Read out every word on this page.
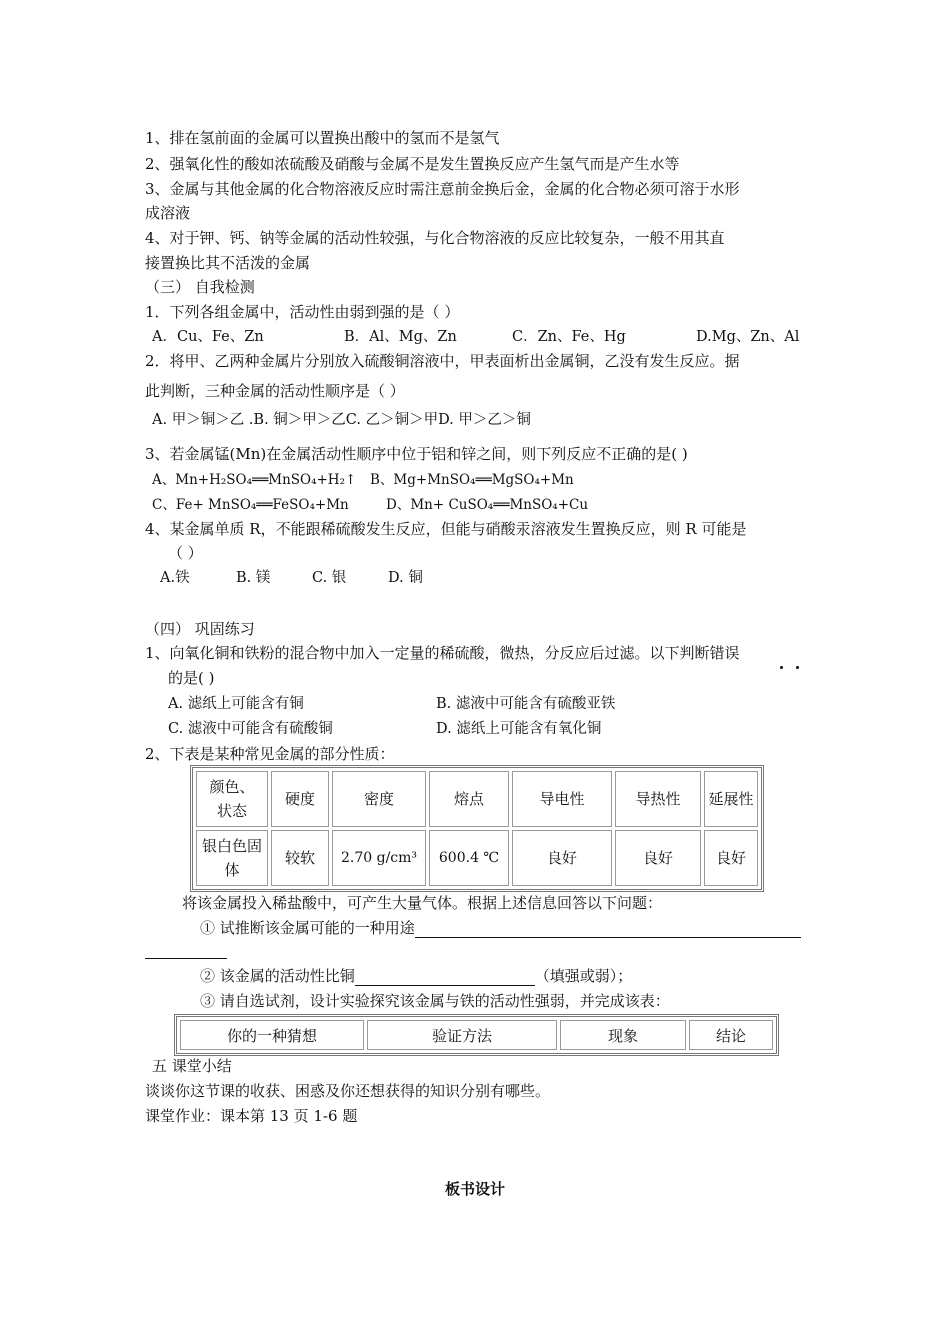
1、排在氢前面的金属可以置换出酸中的氢而不是氢气
2、强氧化性的酸如浓硫酸及硝酸与金属不是发生置换反应产生氢气而是产生水等
3、金属与其他金属的化合物溶液反应时需注意前金换后金，金属的化合物必须可溶于水形
成溶液
4、对于钾、钙、钠等金属的活动性较强，与化合物溶液的反应比较复杂，一般不用其直
接置换比其不活泼的金属
（三） 自我检测
1．下列各组金属中，活动性由弱到强的是（ ）
A．Cu、Fe、Zn	B．Al、Mg、Zn	C．Zn、Fe、Hg	D.Mg、Zn、Al
2．将甲、乙两种金属片分别放入硫酸铜溶液中，甲表面析出金属铜，乙没有发生反应。据
此判断，三种金属的活动性顺序是（ ）
A. 甲＞铜＞乙 .B. 铜＞甲＞乙C. 乙＞铜＞甲D. 甲＞乙＞铜
3、若金属锰(Mn)在金属活动性顺序中位于铝和锌之间，则下列反应不正确的是( )
A、Mn+H₂SO₄══MnSO₄+H₂↑ B、Mg+MnSO₄══MgSO₄+Mn
C、Fe+ MnSO₄══FeSO₄+Mn	D、Mn+ CuSO₄══MnSO₄+Cu
4、某金属单质 R，不能跟稀硫酸发生反应，但能与硝酸汞溶液发生置换反应，则 R 可能是
（ ）
A.铁	B. 镁	C. 银	D. 铜
（四） 巩固练习
1、向氧化铜和铁粉的混合物中加入一定量的稀硫酸，微热，分反应后过滤。以下判断错误
的是( )
A. 滤纸上可能含有铜	B. 滤液中可能含有硫酸亚铁
C. 滤液中可能含有硫酸铜	D. 滤纸上可能含有氧化铜
2、下表是某种常见金属的部分性质：
颜色、
状态	硬度	密度	熔点	导电性	导热性	延展性

银白色固
体	较软	2.70 g/cm³	600.4 ℃	良好	良好	良好
将该金属投入稀盐酸中，可产生大量气体。根据上述信息回答以下问题：
① 试推断该金属可能的一种用途
② 该金属的活动性比铜	（填强或弱）；
③ 请自选试剂，设计实验探究该金属与铁的活动性强弱，并完成该表：
你的一种猜想	验证方法	现象	结论
五 课堂小结
谈谈你这节课的收获、困惑及你还想获得的知识分别有哪些。
课堂作业：课本第 13 页 1-6 题
板书设计
